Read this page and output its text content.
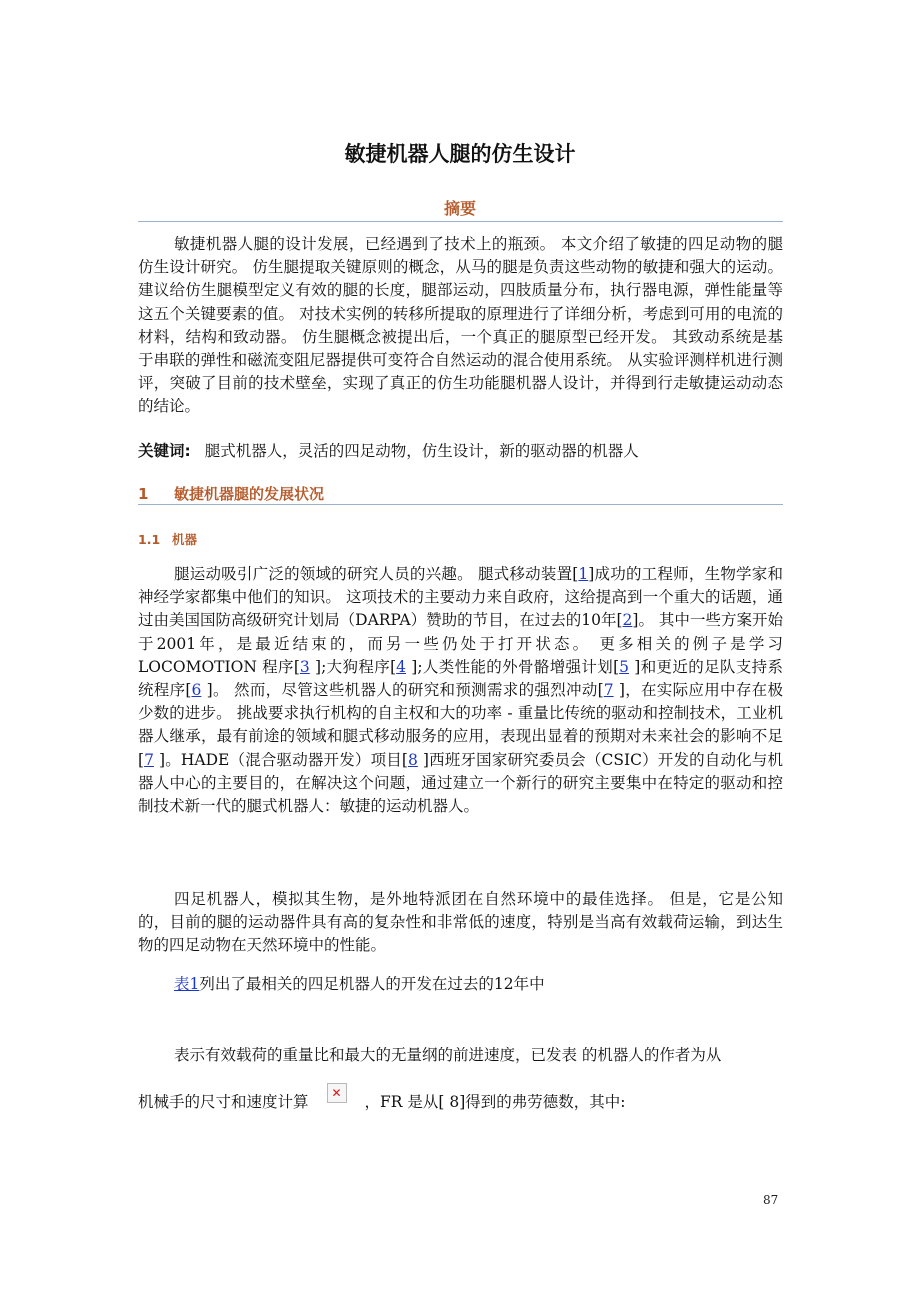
敏捷机器人腿的仿生设计
摘要
敏捷机器人腿的设计发展，已经遇到了技术上的瓶颈。 本文介绍了敏捷的四足动物的腿仿生设计研究。 仿生腿提取关键原则的概念，从马的腿是负责这些动物的敏捷和强大的运动。 建议给仿生腿模型定义有效的腿的长度，腿部运动，四肢质量分布，执行器电源，弹性能量等这五个关键要素的值。 对技术实例的转移所提取的原理进行了详细分析，考虑到可用的电流的材料，结构和致动器。 仿生腿概念被提出后，一个真正的腿原型已经开发。 其致动系统是基于串联的弹性和磁流变阻尼器提供可变符合自然运动的混合使用系统。 从实验评测样机进行测评，突破了目前的技术壁垒，实现了真正的仿生功能腿机器人设计，并得到行走敏捷运动动态的结论。
关键词: 腿式机器人，灵活的四足动物，仿生设计，新的驱动器的机器人
1 敏捷机器腿的发展状况
1.1 机器
腿运动吸引广泛的领域的研究人员的兴趣。 腿式移动装置[1]成功的工程师，生物学家和神经学家都集中他们的知识。 这项技术的主要动力来自政府，这给提高到一个重大的话题，通过由美国国防高级研究计划局（DARPA）赞助的节目，在过去的10年[2]。 其中一些方案开始于2001年，是最近结束的，而另一些仍处于打开状态。 更多相关的例子是学习 LOCOMOTION 程序[3 ];大狗程序[4 ];人类性能的外骨骼增强计划[5 ]和更近的足队支持系统程序[6 ]。 然而，尽管这些机器人的研究和预测需求的强烈冲动[7 ]，在实际应用中存在极少数的进步。 挑战要求执行机构的自主权和大的功率 - 重量比传统的驱动和控制技术，工业机器人继承，最有前途的领域和腿式移动服务的应用，表现出显着的预期对未来社会的影响不足[7 ]。HADE（混合驱动器开发）项目[8 ]西班牙国家研究委员会（CSIC）开发的自动化与机器人中心的主要目的，在解决这个问题，通过建立一个新行的研究主要集中在特定的驱动和控制技术新一代的腿式机器人：敏捷的运动机器人。
四足机器人，模拟其生物，是外地特派团在自然环境中的最佳选择。 但是，它是公知的，目前的腿的运动器件具有高的复杂性和非常低的速度，特别是当高有效载荷运输，到达生物的四足动物在天然环境中的性能。
表1列出了最相关的四足机器人的开发在过去的12年中
表示有效载荷的重量比和最大的无量纲的前进速度，已发表 的机器人的作者为从
机械手的尺寸和速度计算 ✕ ，FR 是从[ 8]得到的弗劳德数，其中:
87
